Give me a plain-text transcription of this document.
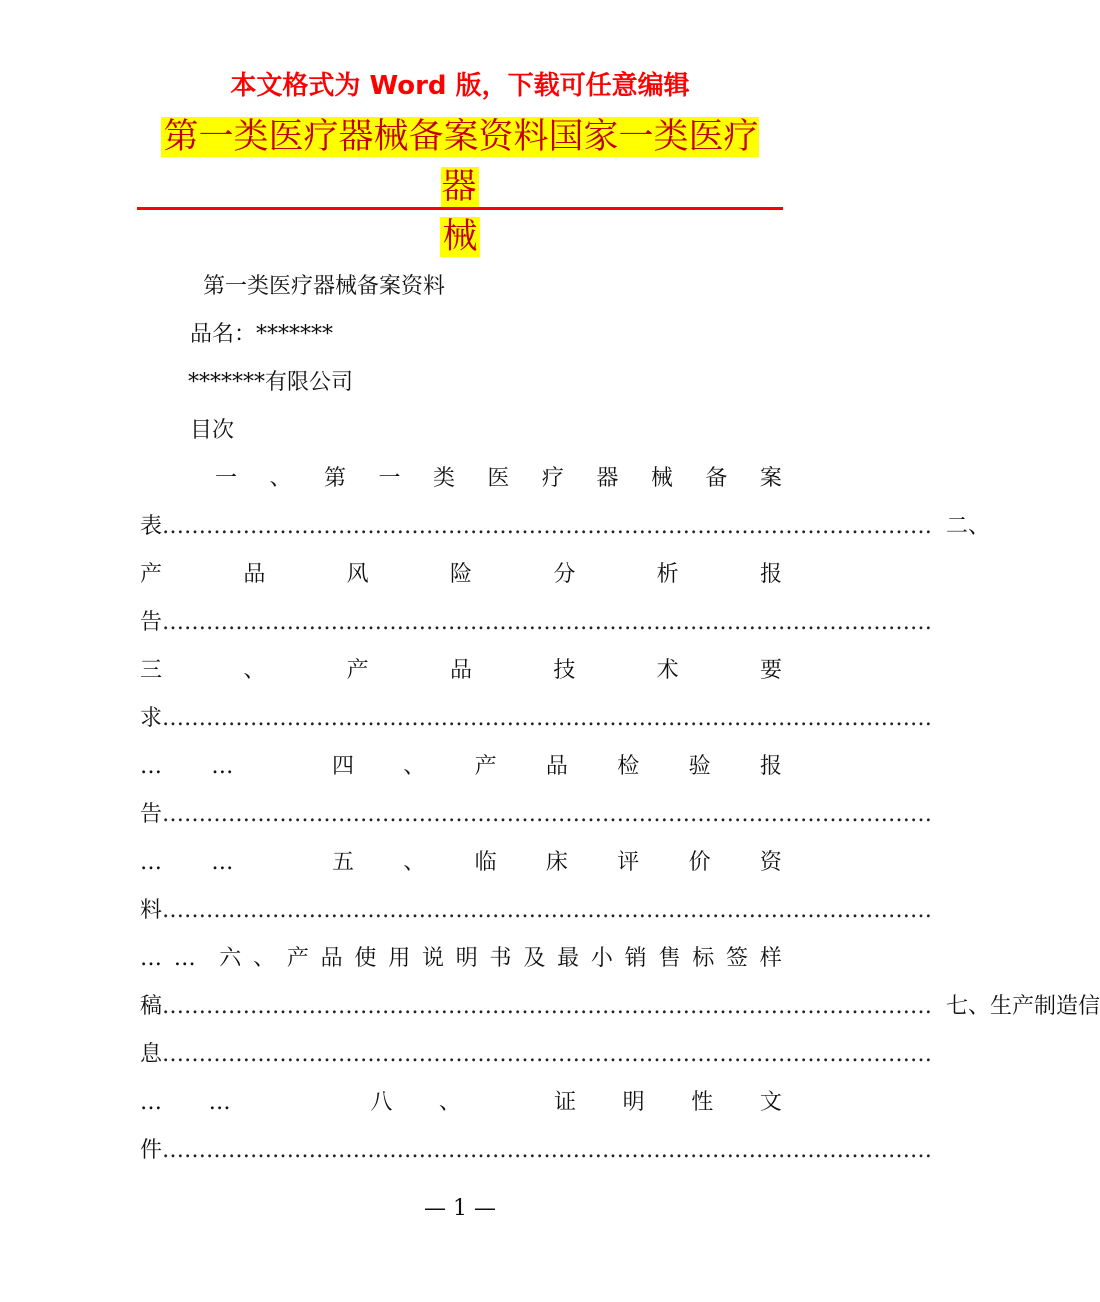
本文格式为 Word 版，下载可任意编辑
第一类医疗器械备案资料国家一类医疗器
械
第一类医疗器械备案资料
品名：*******
*******有限公司
目次
一 、 第 一 类 医 疗 器 械 备 案
表 …………………………………………………………………………………………… 二、
产	品	风	险	分	析	报
告 ……………………………………………………………………………………………
三	、	产	品	技	术	要
求 ……………………………………………………………………………………………
… …	四 、 产 品 检 验 报
告 ……………………………………………………………………………………………
… …	五 、 临 床 评 价 资
料 ……………………………………………………………………………………………
… … 六 、 产 品 使 用 说 明 书 及 最 小 销 售 标 签 样
稿 …………………………………………………………………………………………… 七、生产制造信
息 ……………………………………………………………………………………………
… …	八 、	证 明 性 文
件 ……………………………………………………………………………………………
— 1 —
